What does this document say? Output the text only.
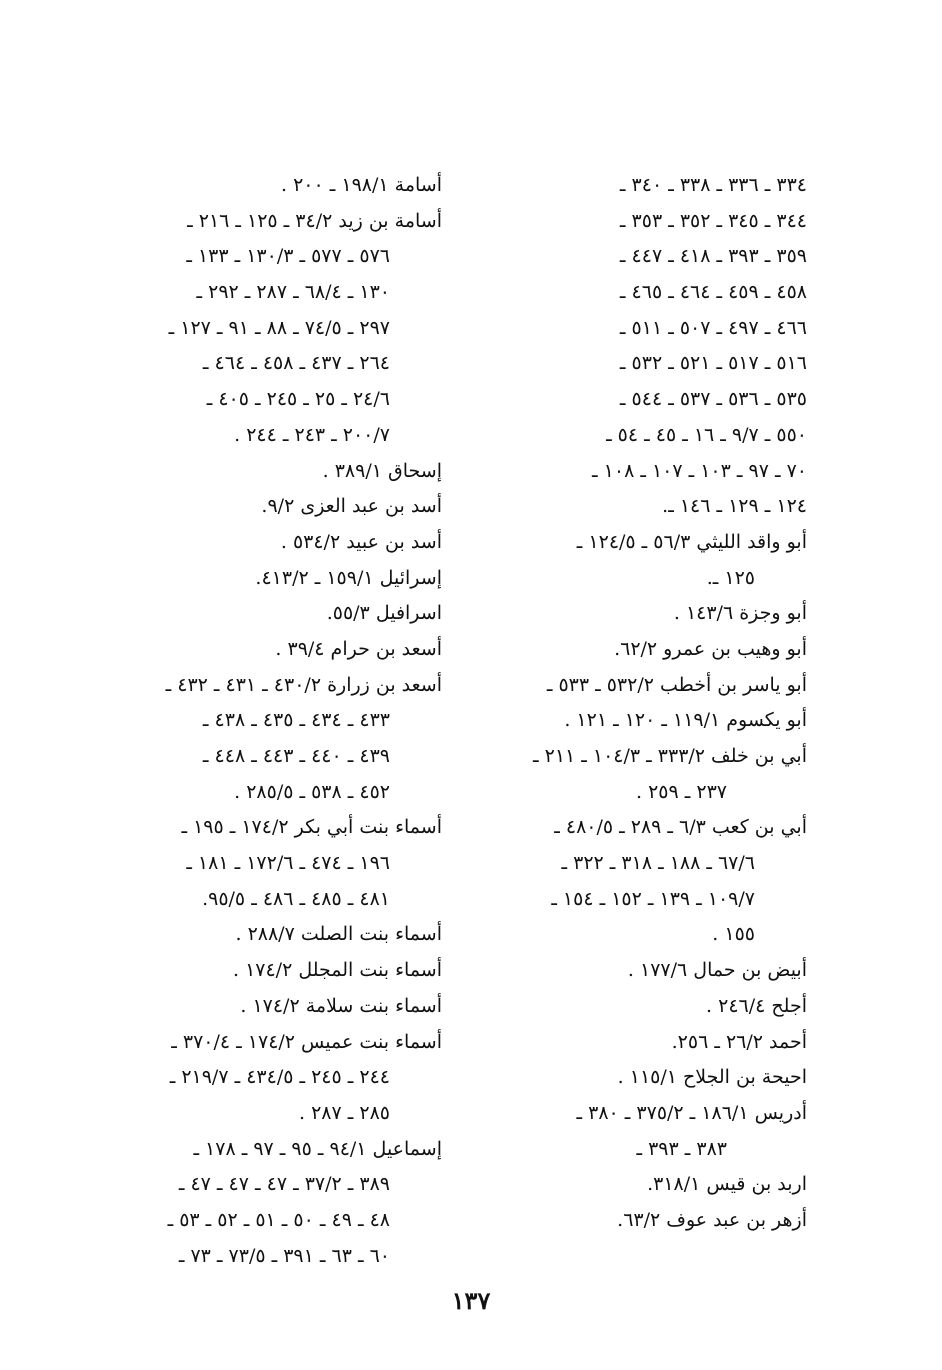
٣٣٤ ـ ٣٣٦ ـ ٣٣٨ ـ ٣٤٠ ـ
٣٤٤ ـ ٣٤٥ ـ ٣٥٢ ـ ٣٥٣ ـ
٣٥٩ ـ ٣٩٣ ـ ٤١٨ ـ ٤٤٧ ـ
٤٥٨ ـ ٤٥٩ ـ ٤٦٤ ـ ٤٦٥ ـ
٤٦٦ ـ ٤٩٧ ـ ٥٠٧ ـ ٥١١ ـ
٥١٦ ـ ٥١٧ ـ ٥٢١ ـ ٥٣٢ ـ
٥٣٥ ـ ٥٣٦ ـ ٥٣٧ ـ ٥٤٤ ـ
٥٥٠ ـ ٩/٧ ـ ١٦ ـ ٤٥ ـ ٥٤ ـ
٧٠ ـ ٩٧ ـ ١٠٣ ـ ١٠٧ ـ ١٠٨ ـ
١٢٤ ـ ١٢٩ ـ ١٤٦ ـ.
أبو واقد الليثي ٥٦/٣ ـ ١٢٤/٥ ـ
١٢٥ ـ.
أبو وجزة ١٤٣/٦ .
أبو وهيب بن عمرو ٦٢/٢.
أبو ياسر بن أخطب ٥٣٢/٢ ـ ٥٣٣ ـ
أبو يكسوم ١١٩/١ ـ ١٢٠ ـ ١٢١ .
أبي بن خلف ٣٣٣/٢ ـ ١٠٤/٣ ـ ٢١١ ـ
٢٣٧ ـ ٢٥٩ .
أبي بن كعب ٦/٣ ـ ٢٨٩ ـ ٤٨٠/٥ ـ
٦٧/٦ ـ ١٨٨ ـ ٣١٨ ـ ٣٢٢ ـ
١٠٩/٧ ـ ١٣٩ ـ ١٥٢ ـ ١٥٤ ـ
١٥٥ .
أبيض بن حمال ١٧٧/٦ .
أجلح ٢٤٦/٤ .
أحمد ٢٦/٢ ـ ٢٥٦.
احيحة بن الجلاح ١١٥/١ .
أدريس ١٨٦/١ ـ ٣٧٥/٢ ـ ٣٨٠ ـ
٣٨٣ ـ ٣٩٣ ـ
اربد بن قيس ٣١٨/١.
أزهر بن عبد عوف ٦٣/٢.
أسامة ١٩٨/١ ـ ٢٠٠ .
أسامة بن زيد ٣٤/٢ ـ ١٢٥ ـ ٢١٦ ـ
٥٧٦ ـ ٥٧٧ ـ ١٣٠/٣ ـ ١٣٣ ـ
١٣٠ ـ ٦٨/٤ ـ ٢٨٧ ـ ٢٩٢ ـ
٢٩٧ ـ ٧٤/٥ ـ ٨٨ ـ ٩١ ـ ١٢٧ ـ
٢٦٤ ـ ٤٣٧ ـ ٤٥٨ ـ ٤٦٤ ـ
٢٤/٦ ـ ٢٥ ـ ٢٤٥ ـ ٤٠٥ ـ
٢٠٠/٧ ـ ٢٤٣ ـ ٢٤٤ .
إسحاق ٣٨٩/١ .
أسد بن عبد العزى ٩/٢.
أسد بن عبيد ٥٣٤/٢ .
إسرائيل ١٥٩/١ ـ ٤١٣/٢.
اسرافيل ٥٥/٣.
أسعد بن حرام ٣٩/٤ .
أسعد بن زرارة ٤٣٠/٢ ـ ٤٣١ ـ ٤٣٢ ـ
٤٣٣ ـ ٤٣٤ ـ ٤٣٥ ـ ٤٣٨ ـ
٤٣٩ ـ ٤٤٠ ـ ٤٤٣ ـ ٤٤٨ ـ
٤٥٢ ـ ٥٣٨ ـ ٢٨٥/٥ .
أسماء بنت أبي بكر ١٧٤/٢ ـ ١٩٥ ـ
١٩٦ ـ ٤٧٤ ـ ١٧٢/٦ ـ ١٨١ ـ
٤٨١ ـ ٤٨٥ ـ ٤٨٦ ـ ٩٥/٥.
أسماء بنت الصلت ٢٨٨/٧ .
أسماء بنت المجلل ١٧٤/٢ .
أسماء بنت سلامة ١٧٤/٢ .
أسماء بنت عميس ١٧٤/٢ ـ ٣٧٠/٤ ـ
٢٤٤ ـ ٢٤٥ ـ ٤٣٤/٥ ـ ٢١٩/٧ ـ
٢٨٥ ـ ٢٨٧ .
إسماعيل ٩٤/١ ـ ٩٥ ـ ٩٧ ـ ١٧٨ ـ
٣٨٩ ـ ٣٧/٢ ـ ٤٧ ـ ٤٧ ـ ٤٧ ـ
٤٨ ـ ٤٩ ـ ٥٠ ـ ٥١ ـ ٥٢ ـ ٥٣ ـ
٦٠ ـ ٦٣ ـ ٣٩١ ـ ٧٣/٥ ـ ٧٣ ـ
١٣٧
